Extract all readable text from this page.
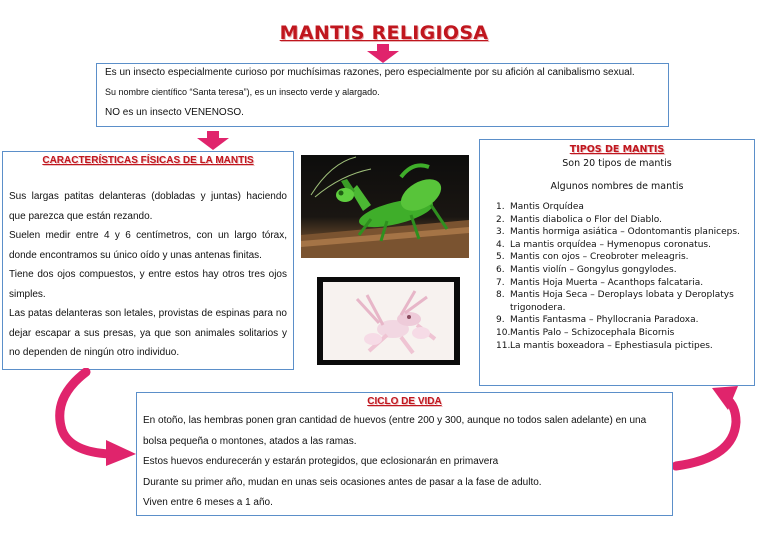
MANTIS RELIGIOSA

Es un insecto especialmente curioso por muchísimas razones, pero especialmente por su afición al canibalismo sexual.

Su nombre científico “Santa teresa”), es un insecto verde y alargado.

NO es un insecto VENENOSO.

CARACTERÍSTICAS FÍSICAS DE LA MANTIS

Sus largas patitas delanteras (dobladas y juntas) haciendo que parezca que están rezando.

Suelen medir entre 4 y 6 centímetros, con un largo tórax, donde encontramos su único oído y unas antenas finitas.

Tiene dos ojos compuestos, y entre estos hay otros tres ojos simples.

Las patas delanteras son letales, provistas de espinas para no dejar escapar a sus presas, ya que son animales solitarios y no dependen de ningún otro individuo.

TIPOS DE MANTIS
Son 20 tipos de mantis
Algunos nombres de mantis
1. Mantis Orquídea
2. Mantis diabolica o Flor del Diablo.
3. Mantis hormiga asiática – Odontomantis planiceps.
4. La mantis orquídea – Hymenopus coronatus.
5. Mantis con ojos – Creobroter meleagris.
6. Mantis violín – Gongylus gongylodes.
7. Mantis Hoja Muerta – Acanthops falcataria.
8. Mantis Hoja Seca – Deroplays lobata y Deroplatys trigonodera.
9. Mantis Fantasma – Phyllocrania Paradoxa.
10. Mantis Palo – Schizocephala Bicornis
11. La mantis boxeadora – Ephestiasula pictipes.
CICLO DE VIDA

En otoño, las hembras ponen gran cantidad de huevos (entre 200 y 300, aunque no todos salen adelante) en una bolsa pequeña o montones, atados a las ramas.

Estos huevos endurecerán y estarán protegidos, que eclosionarán en primavera

Durante su primer año, mudan en unas seis ocasiones antes de pasar a la fase de adulto.

Viven entre 6 meses a 1 año.
